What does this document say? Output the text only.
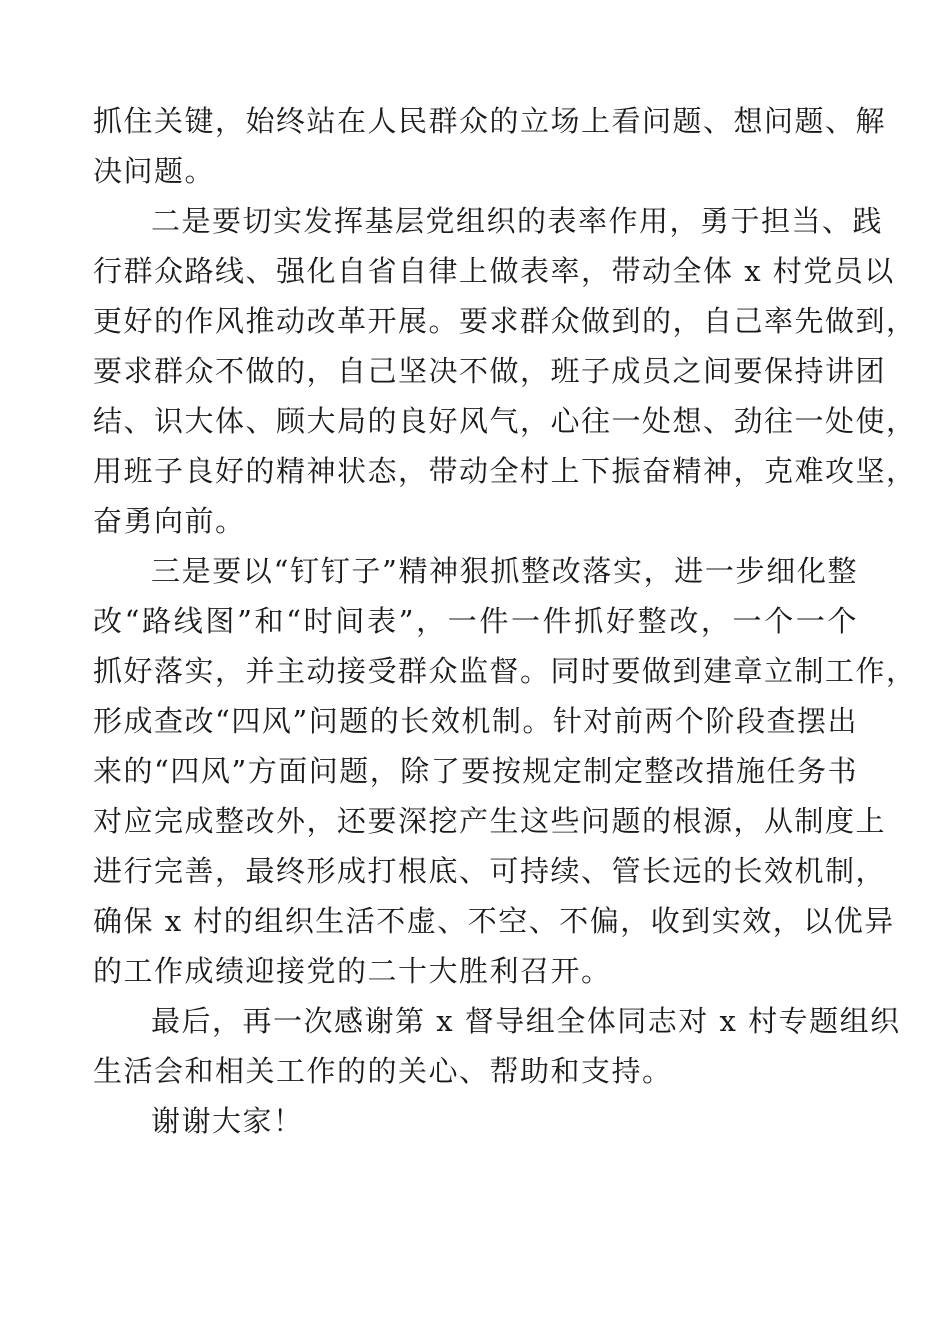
抓住关键，始终站在人民群众的立场上看问题、想问题、解
决问题。
二是要切实发挥基层党组织的表率作用，勇于担当、践
行群众路线、强化自省自律上做表率，带动全体 x 村党员以
更好的作风推动改革开展。要求群众做到的，自己率先做到，
要求群众不做的，自己坚决不做，班子成员之间要保持讲团
结、识大体、顾大局的良好风气，心往一处想、劲往一处使，
用班子良好的精神状态，带动全村上下振奋精神，克难攻坚，
奋勇向前。
三是要以“钉钉子”精神狠抓整改落实，进一步细化整
改“路线图”和“时间表”，一件一件抓好整改，一个一个
抓好落实，并主动接受群众监督。同时要做到建章立制工作，
形成查改“四风”问题的长效机制。针对前两个阶段查摆出
来的“四风”方面问题，除了要按规定制定整改措施任务书
对应完成整改外，还要深挖产生这些问题的根源，从制度上
进行完善，最终形成打根底、可持续、管长远的长效机制，
确保 x 村的组织生活不虚、不空、不偏，收到实效，以优异
的工作成绩迎接党的二十大胜利召开。
最后，再一次感谢第 x 督导组全体同志对 x 村专题组织
生活会和相关工作的的关心、帮助和支持。
谢谢大家！
